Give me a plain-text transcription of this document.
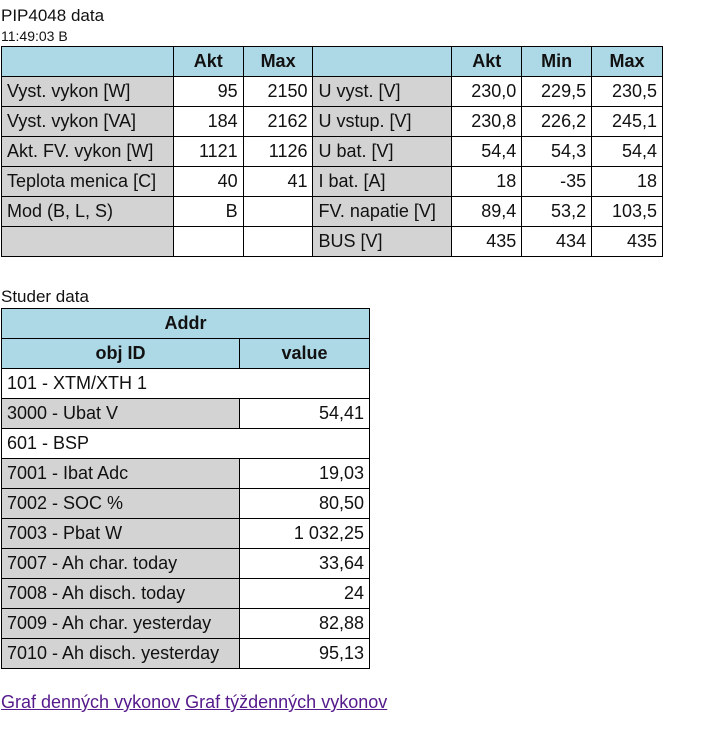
PIP4048 data
11:49:03 B
	Akt	Max		Akt	Min	Max
Vyst. vykon [W]	95	2150	U vyst. [V]	230,0	229,5	230,5
Vyst. vykon [VA]	184	2162	U vstup. [V]	230,8	226,2	245,1
Akt. FV. vykon [W]	1121	1126	U bat. [V]	54,4	54,3	54,4
Teplota menica [C]	40	41	I bat. [A]	18	-35	18
Mod (B, L, S)	B		FV. napatie [V]	89,4	53,2	103,5
			BUS [V]	435	434	435
Studer data
Addr	
obj ID	value
101 - XTM/XTH 1	
3000 - Ubat V	54,41
601 - BSP	
7001 - Ibat Adc	19,03
7002 - SOC %	80,50
7003 - Pbat W	1 032,25
7007 - Ah char. today	33,64
7008 - Ah disch. today	24
7009 - Ah char. yesterday	82,88
7010 - Ah disch. yesterday	95,13
Graf denných vykonov Graf týždenných vykonov
